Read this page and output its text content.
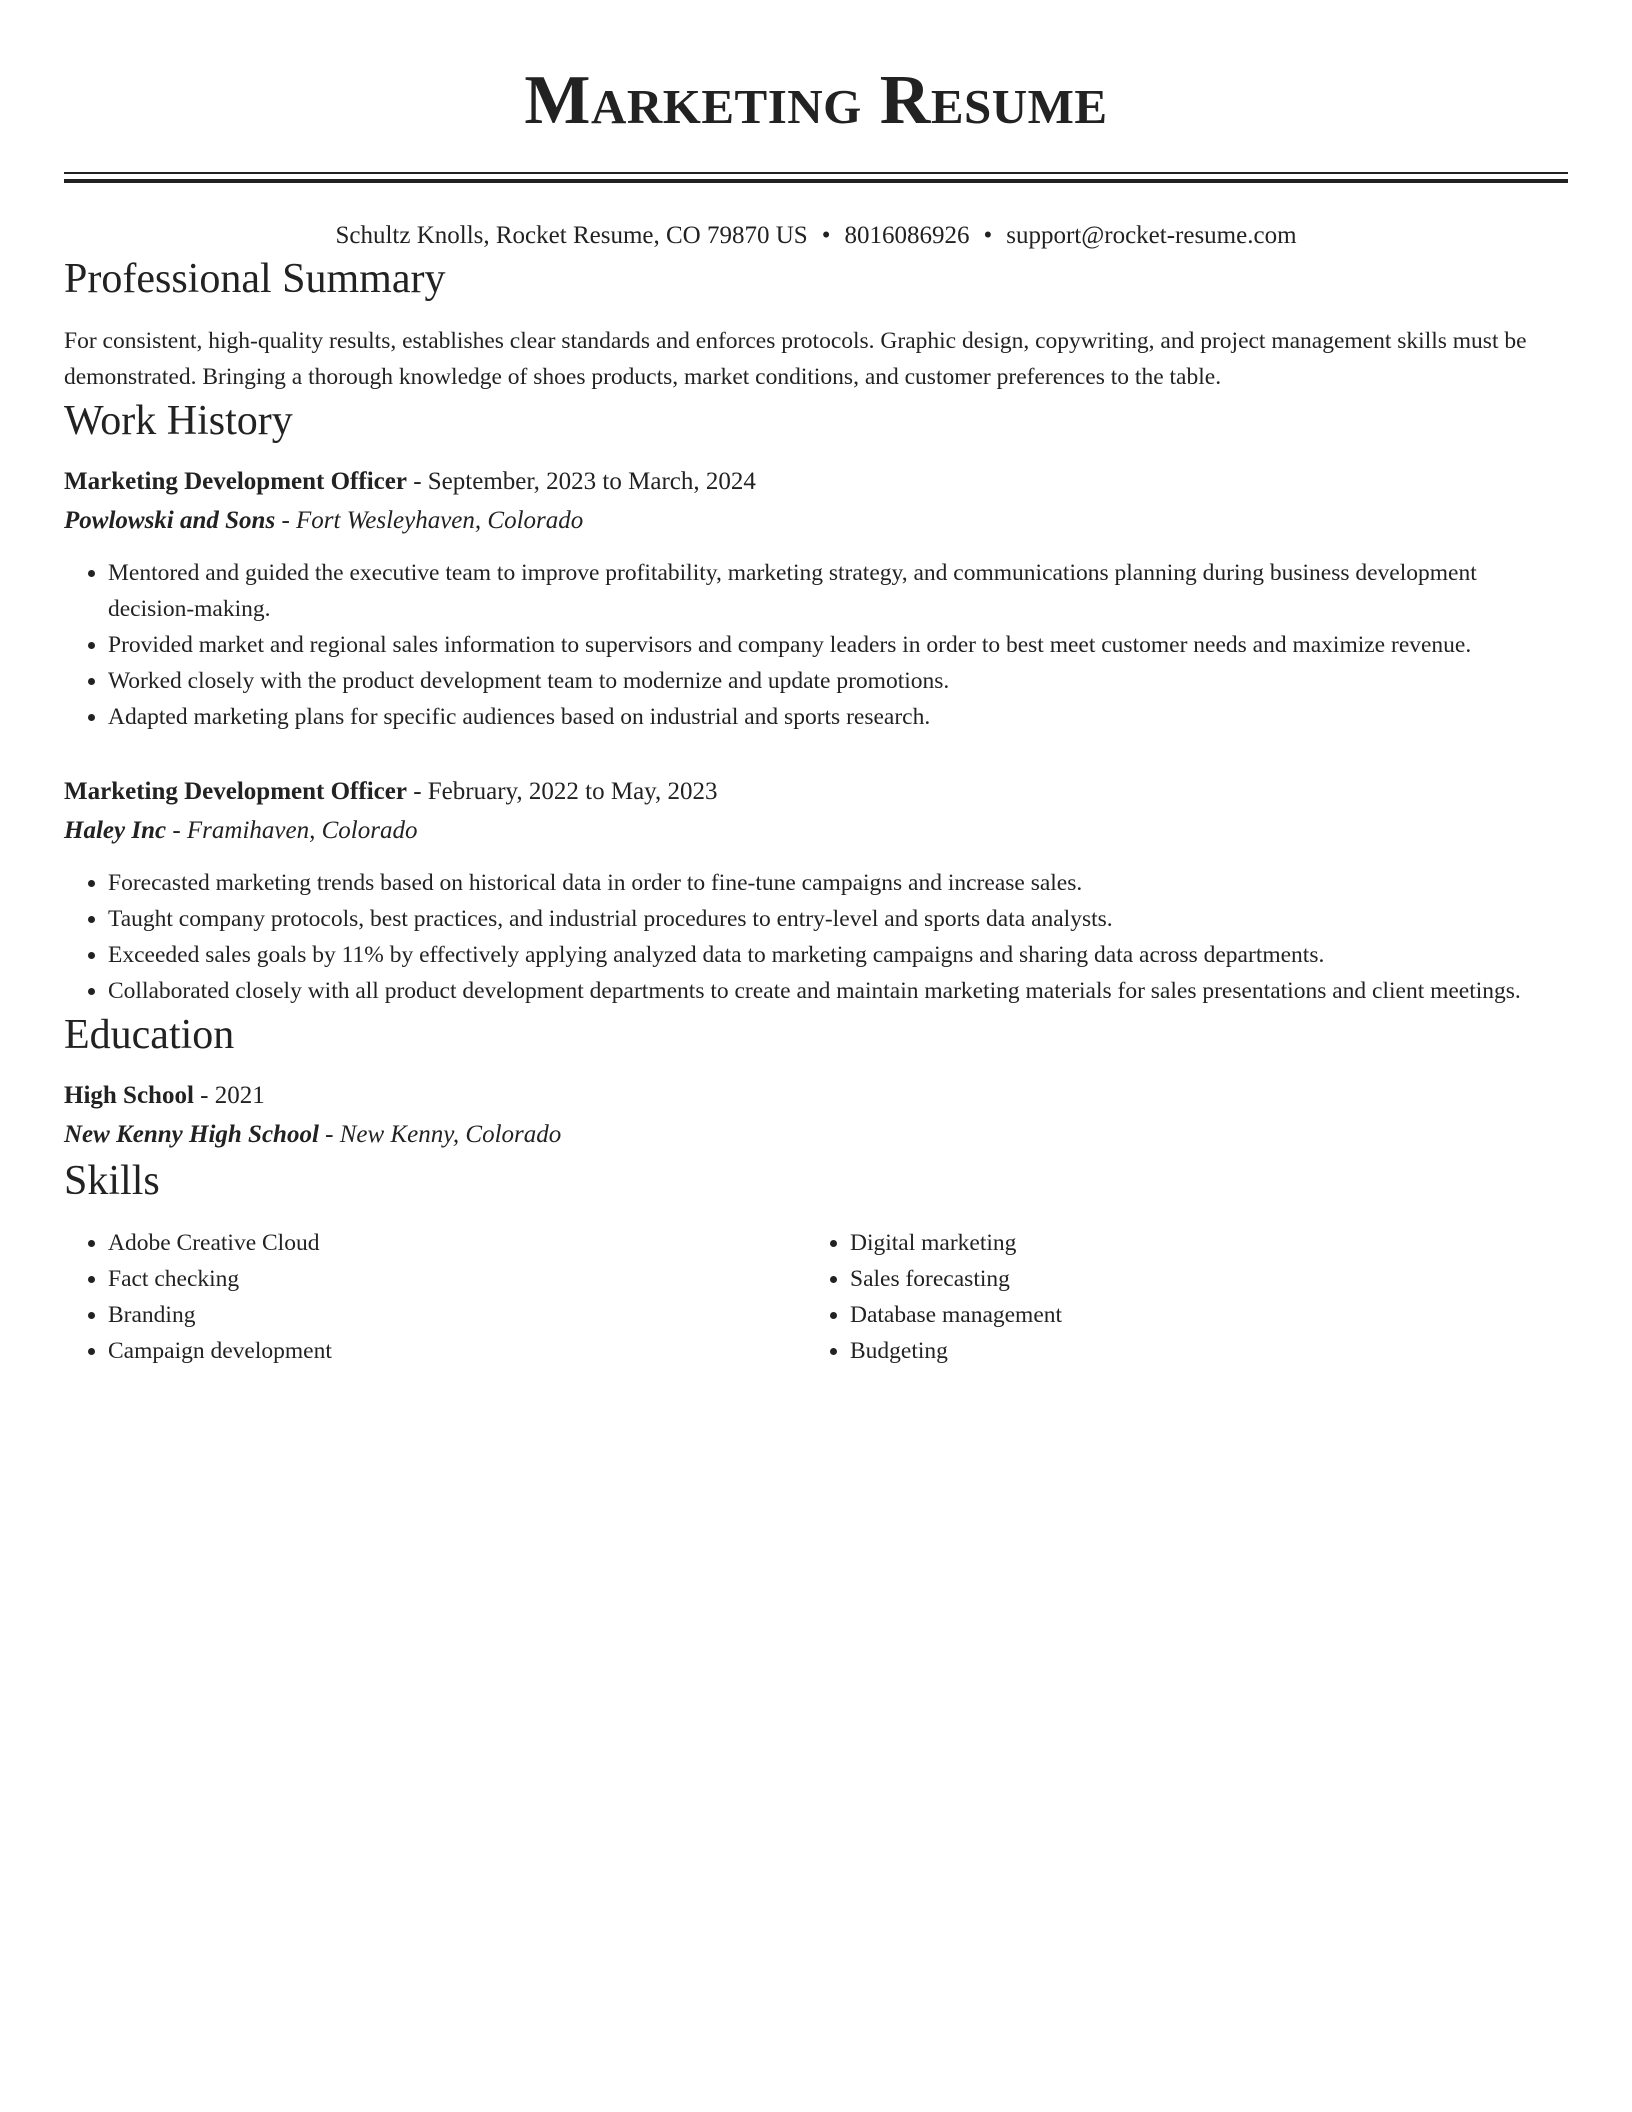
Marketing Resume
Schultz Knolls, Rocket Resume, CO 79870 US • 8016086926 • support@rocket-resume.com
Professional Summary
For consistent, high-quality results, establishes clear standards and enforces protocols. Graphic design, copywriting, and project management skills must be demonstrated. Bringing a thorough knowledge of shoes products, market conditions, and customer preferences to the table.
Work History
Marketing Development Officer - September, 2023 to March, 2024
Powlowski and Sons - Fort Wesleyhaven, Colorado
• Mentored and guided the executive team to improve profitability, marketing strategy, and communications planning during business development decision-making.
• Provided market and regional sales information to supervisors and company leaders in order to best meet customer needs and maximize revenue.
• Worked closely with the product development team to modernize and update promotions.
• Adapted marketing plans for specific audiences based on industrial and sports research.
Marketing Development Officer - February, 2022 to May, 2023
Haley Inc - Framihaven, Colorado
• Forecasted marketing trends based on historical data in order to fine-tune campaigns and increase sales.
• Taught company protocols, best practices, and industrial procedures to entry-level and sports data analysts.
• Exceeded sales goals by 11% by effectively applying analyzed data to marketing campaigns and sharing data across departments.
• Collaborated closely with all product development departments to create and maintain marketing materials for sales presentations and client meetings.
Education
High School - 2021
New Kenny High School - New Kenny, Colorado
Skills
• Adobe Creative Cloud
• Fact checking
• Branding
• Campaign development
• Digital marketing
• Sales forecasting
• Database management
• Budgeting
